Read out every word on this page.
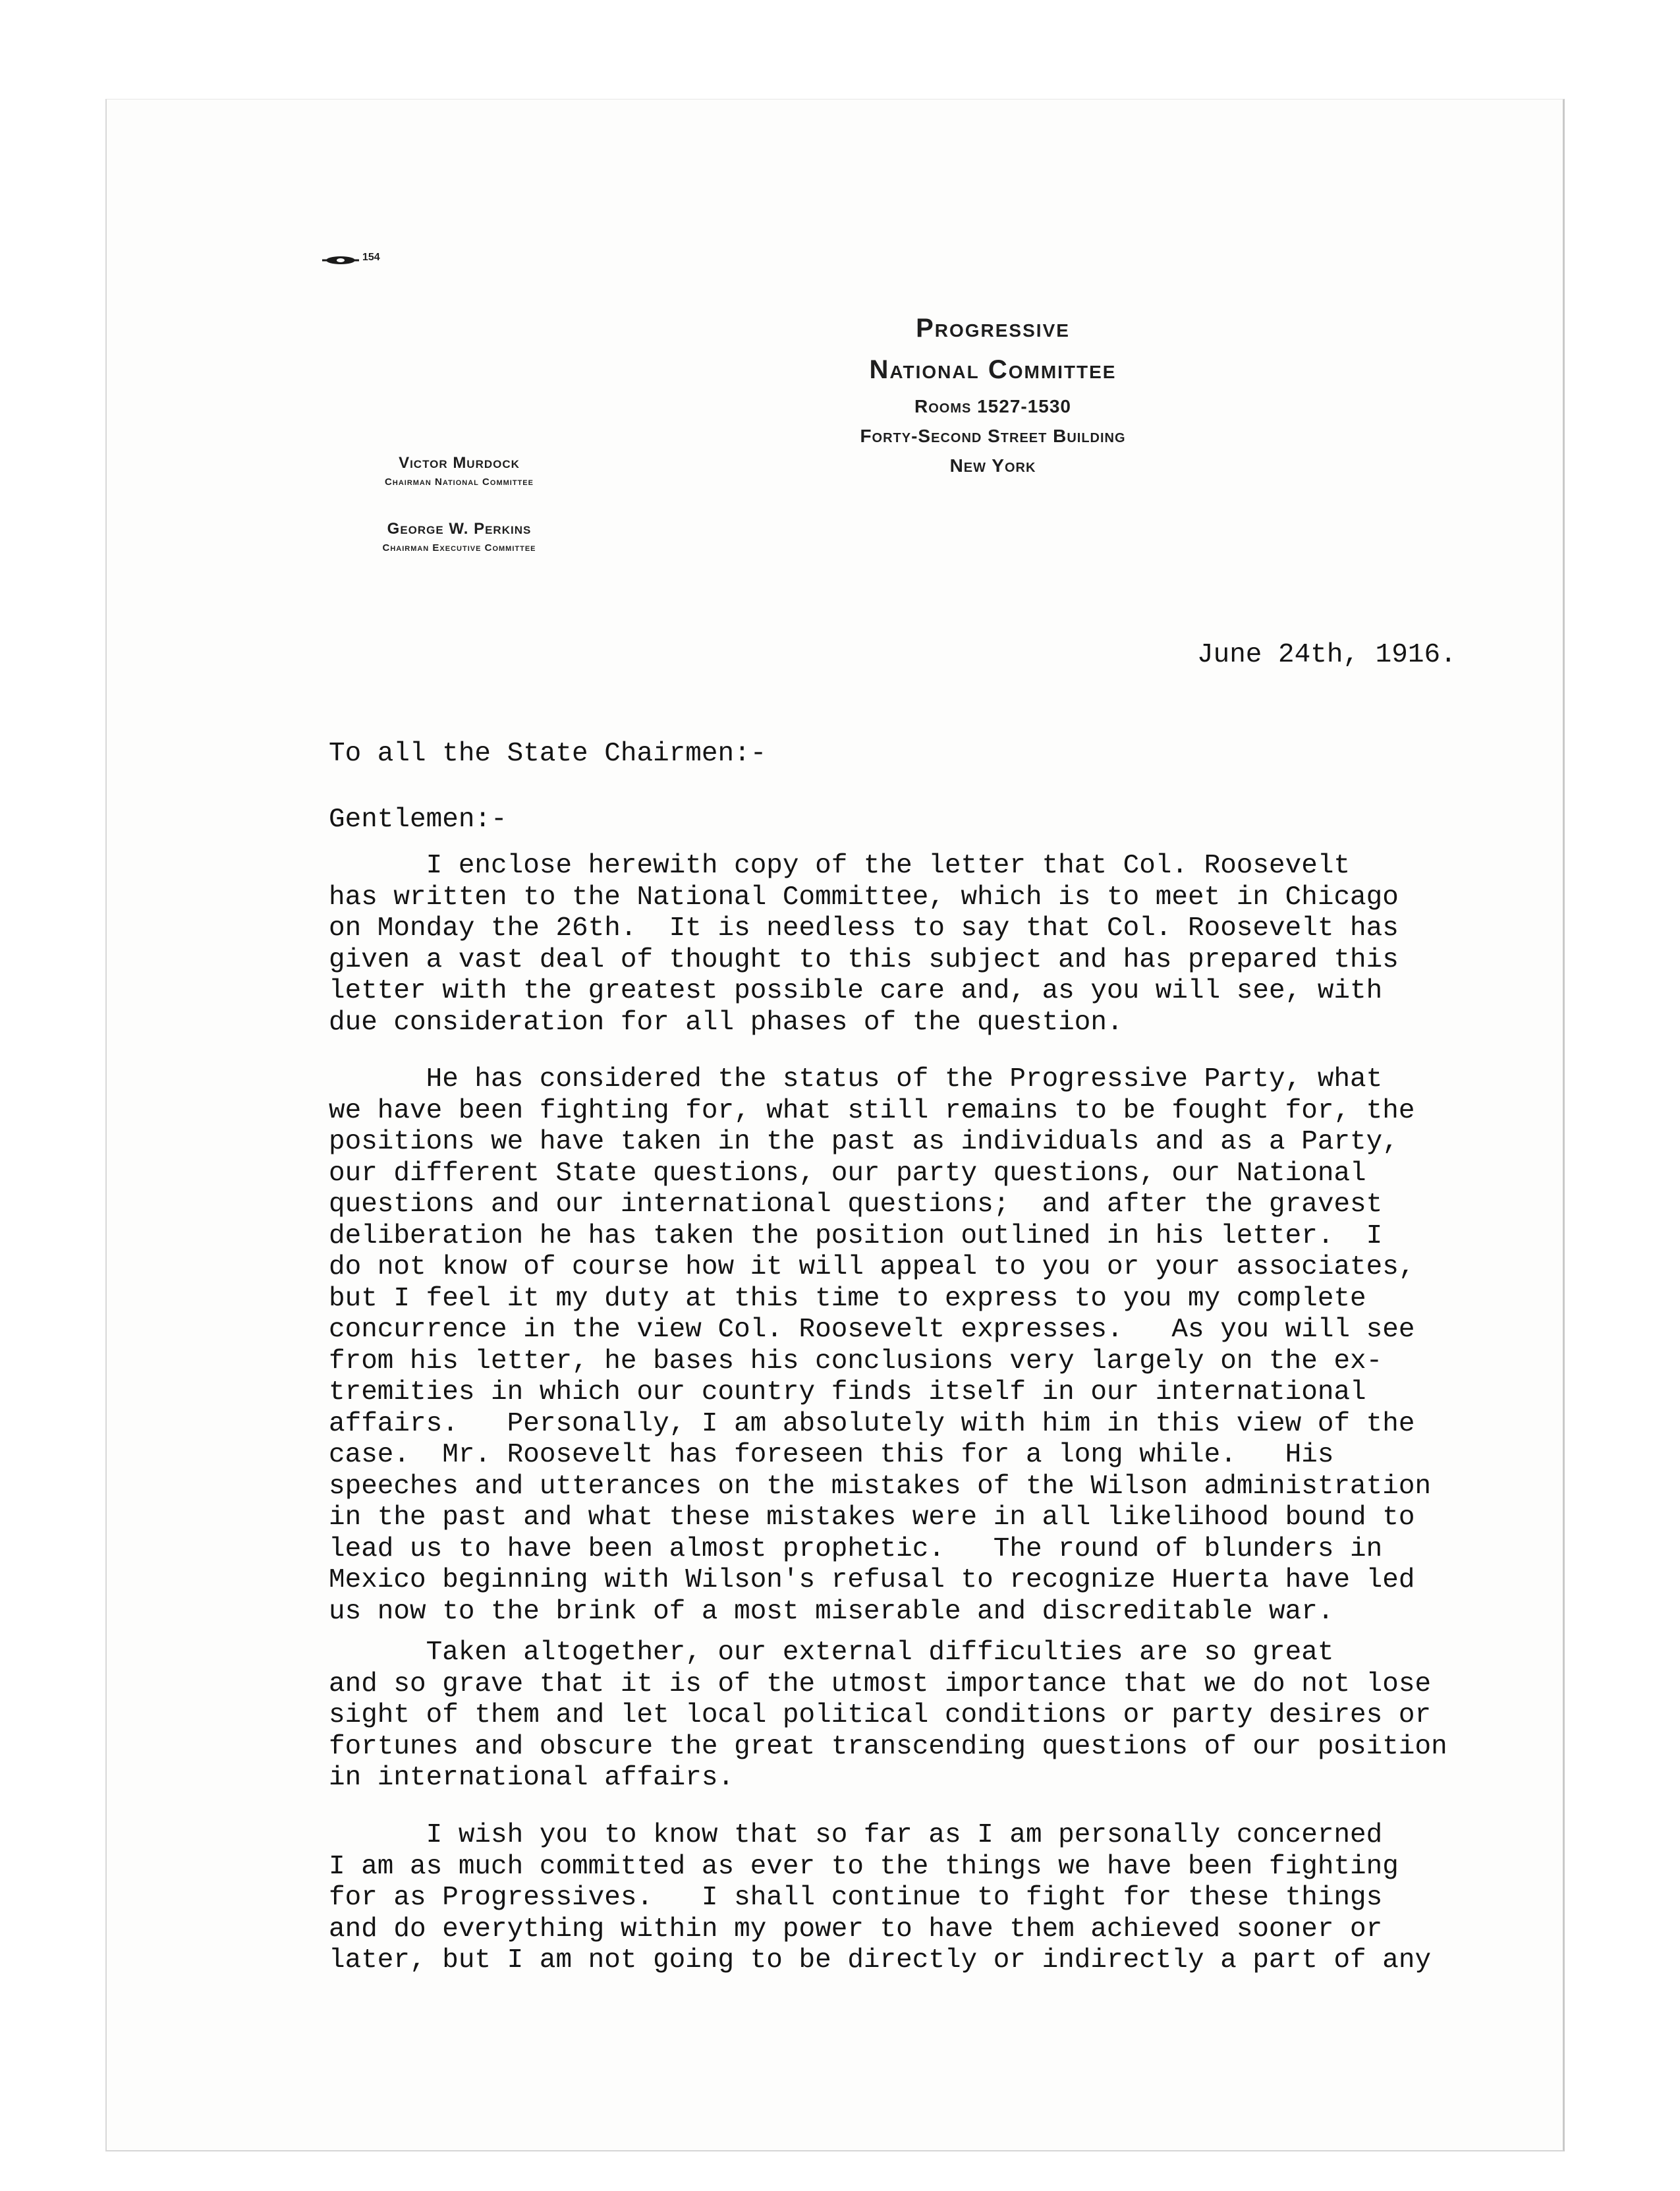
154

Progressive

National Committee

Rooms 1527-1530

Forty-Second Street Building

New York

Victor Murdock

Chairman National Committee

George W. Perkins

Chairman Executive Committee

June 24th, 1916.

To all the State Chairmen:-

Gentlemen:-

I enclose herewith copy of the letter that Col. Roosevelt
has written to the National Committee, which is to meet in Chicago
on Monday the 26th.  It is needless to say that Col. Roosevelt has
given a vast deal of thought to this subject and has prepared this
letter with the greatest possible care and, as you will see, with
due consideration for all phases of the question.
He has considered the status of the Progressive Party, what
we have been fighting for, what still remains to be fought for, the
positions we have taken in the past as individuals and as a Party,
our different State questions, our party questions, our National
questions and our international questions;  and after the gravest
deliberation he has taken the position outlined in his letter.  I
do not know of course how it will appeal to you or your associates,
but I feel it my duty at this time to express to you my complete
concurrence in the view Col. Roosevelt expresses.   As you will see
from his letter, he bases his conclusions very largely on the ex-
tremities in which our country finds itself in our international
affairs.   Personally, I am absolutely with him in this view of the
case.  Mr. Roosevelt has foreseen this for a long while.   His
speeches and utterances on the mistakes of the Wilson administration
in the past and what these mistakes were in all likelihood bound to
lead us to have been almost prophetic.   The round of blunders in
Mexico beginning with Wilson's refusal to recognize Huerta have led
us now to the brink of a most miserable and discreditable war.
Taken altogether, our external difficulties are so great
and so grave that it is of the utmost importance that we do not lose
sight of them and let local political conditions or party desires or
fortunes and obscure the great transcending questions of our position
in international affairs.
I wish you to know that so far as I am personally concerned
I am as much committed as ever to the things we have been fighting
for as Progressives.   I shall continue to fight for these things
and do everything within my power to have them achieved sooner or
later, but I am not going to be directly or indirectly a part of any
